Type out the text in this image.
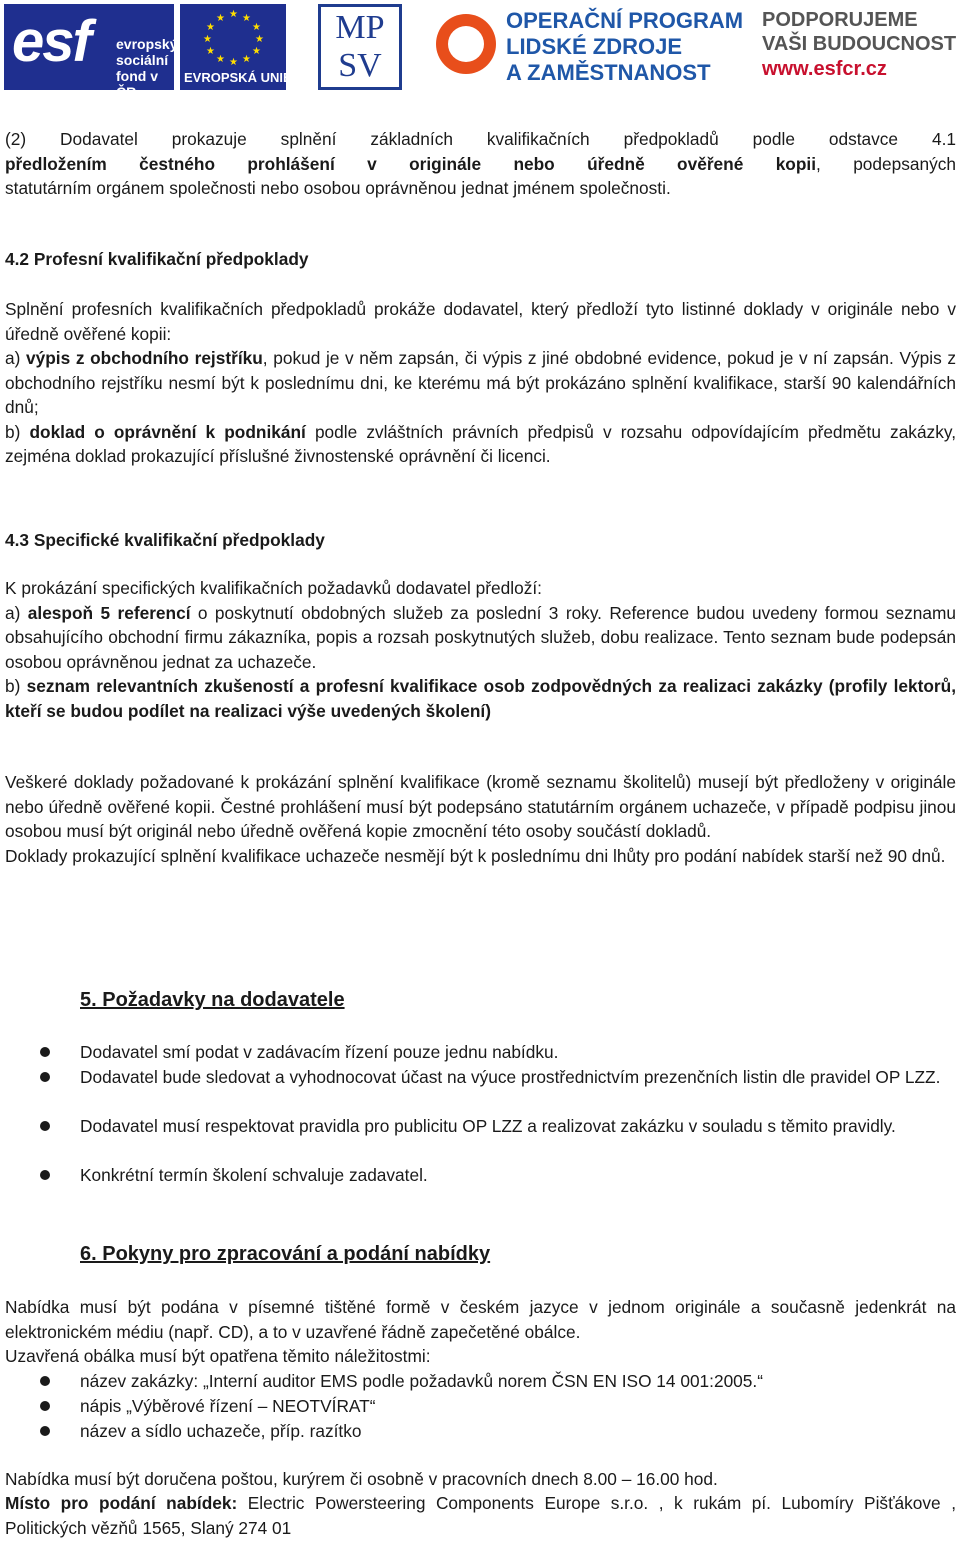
esf evropský
sociální
fond v ČR
★ ★
★
★
★
★
★
★
★
★
★
★
EVROPSKÁ UNIE
MP
SV
OPERAČNÍ PROGRAM
LIDSKÉ ZDROJE
A ZAMĚSTNANOST
PODPORUJEME
VAŠI BUDOUCNOST
www.esfcr.cz
(2) Dodavatel prokazuje splnění základních kvalifikačních předpokladů podle odstavce 4.1
předložením čestného prohlášení v originále nebo úředně ověřené kopii, podepsaných
statutárním orgánem společnosti nebo osobou oprávněnou jednat jménem společnosti.
4.2 Profesní kvalifikační předpoklady
Splnění profesních kvalifikačních předpokladů prokáže dodavatel, který předloží tyto listinné doklady v originále nebo v úředně ověřené kopii:
a) výpis z obchodního rejstříku, pokud je v něm zapsán, či výpis z jiné obdobné evidence, pokud je v ní zapsán. Výpis z obchodního rejstříku nesmí být k poslednímu dni, ke kterému má být prokázáno splnění kvalifikace, starší 90 kalendářních dnů;
b) doklad o oprávnění k podnikání podle zvláštních právních předpisů v rozsahu odpovídajícím předmětu zakázky, zejména doklad prokazující příslušné živnostenské oprávnění či licenci.
4.3 Specifické kvalifikační předpoklady
K prokázání specifických kvalifikačních požadavků dodavatel předloží:
a) alespoň 5 referencí o poskytnutí obdobných služeb za poslední 3 roky. Reference budou uvedeny formou seznamu obsahujícího obchodní firmu zákazníka, popis a rozsah poskytnutých služeb, dobu realizace. Tento seznam bude podepsán osobou oprávněnou jednat za uchazeče.
b) seznam relevantních zkušeností a profesní kvalifikace osob zodpovědných za realizaci zakázky (profily lektorů, kteří se budou podílet na realizaci výše uvedených školení)
Veškeré doklady požadované k prokázání splnění kvalifikace (kromě seznamu školitelů) musejí být předloženy v originále nebo úředně ověřené kopii. Čestné prohlášení musí být podepsáno statutárním orgánem uchazeče, v případě podpisu jinou osobou musí být originál nebo úředně ověřená kopie zmocnění této osoby součástí dokladů.
Doklady prokazující splnění kvalifikace uchazeče nesmějí být k poslednímu dni lhůty pro podání nabídek starší než 90 dnů.
5. Požadavky na dodavatele
Dodavatel smí podat v zadávacím řízení pouze jednu nabídku.
Dodavatel bude sledovat a vyhodnocovat účast na výuce prostřednictvím prezenčních listin dle pravidel OP LZZ.
Dodavatel musí respektovat pravidla pro publicitu OP LZZ a realizovat zakázku v souladu s těmito pravidly.
Konkrétní termín školení schvaluje zadavatel.
6. Pokyny pro zpracování a podání nabídky
Nabídka musí být podána v písemné tištěné formě v českém jazyce v jednom originále a současně jedenkrát na elektronickém médiu (např. CD), a to v uzavřené řádně zapečetěné obálce.
Uzavřená obálka musí být opatřena těmito náležitostmi:
název zakázky: „Interní auditor EMS podle požadavků norem ČSN EN ISO 14 001:2005.“
nápis „Výběrové řízení – NEOTVÍRAT“
název a sídlo uchazeče, příp. razítko
Nabídka musí být doručena poštou, kurýrem či osobně v pracovních dnech 8.00 – 16.00 hod.
Místo pro podání nabídek: Electric Powersteering Components Europe s.r.o. , k rukám pí. Lubomíry Pišťákove , Politických vězňů 1565, Slaný 274 01
